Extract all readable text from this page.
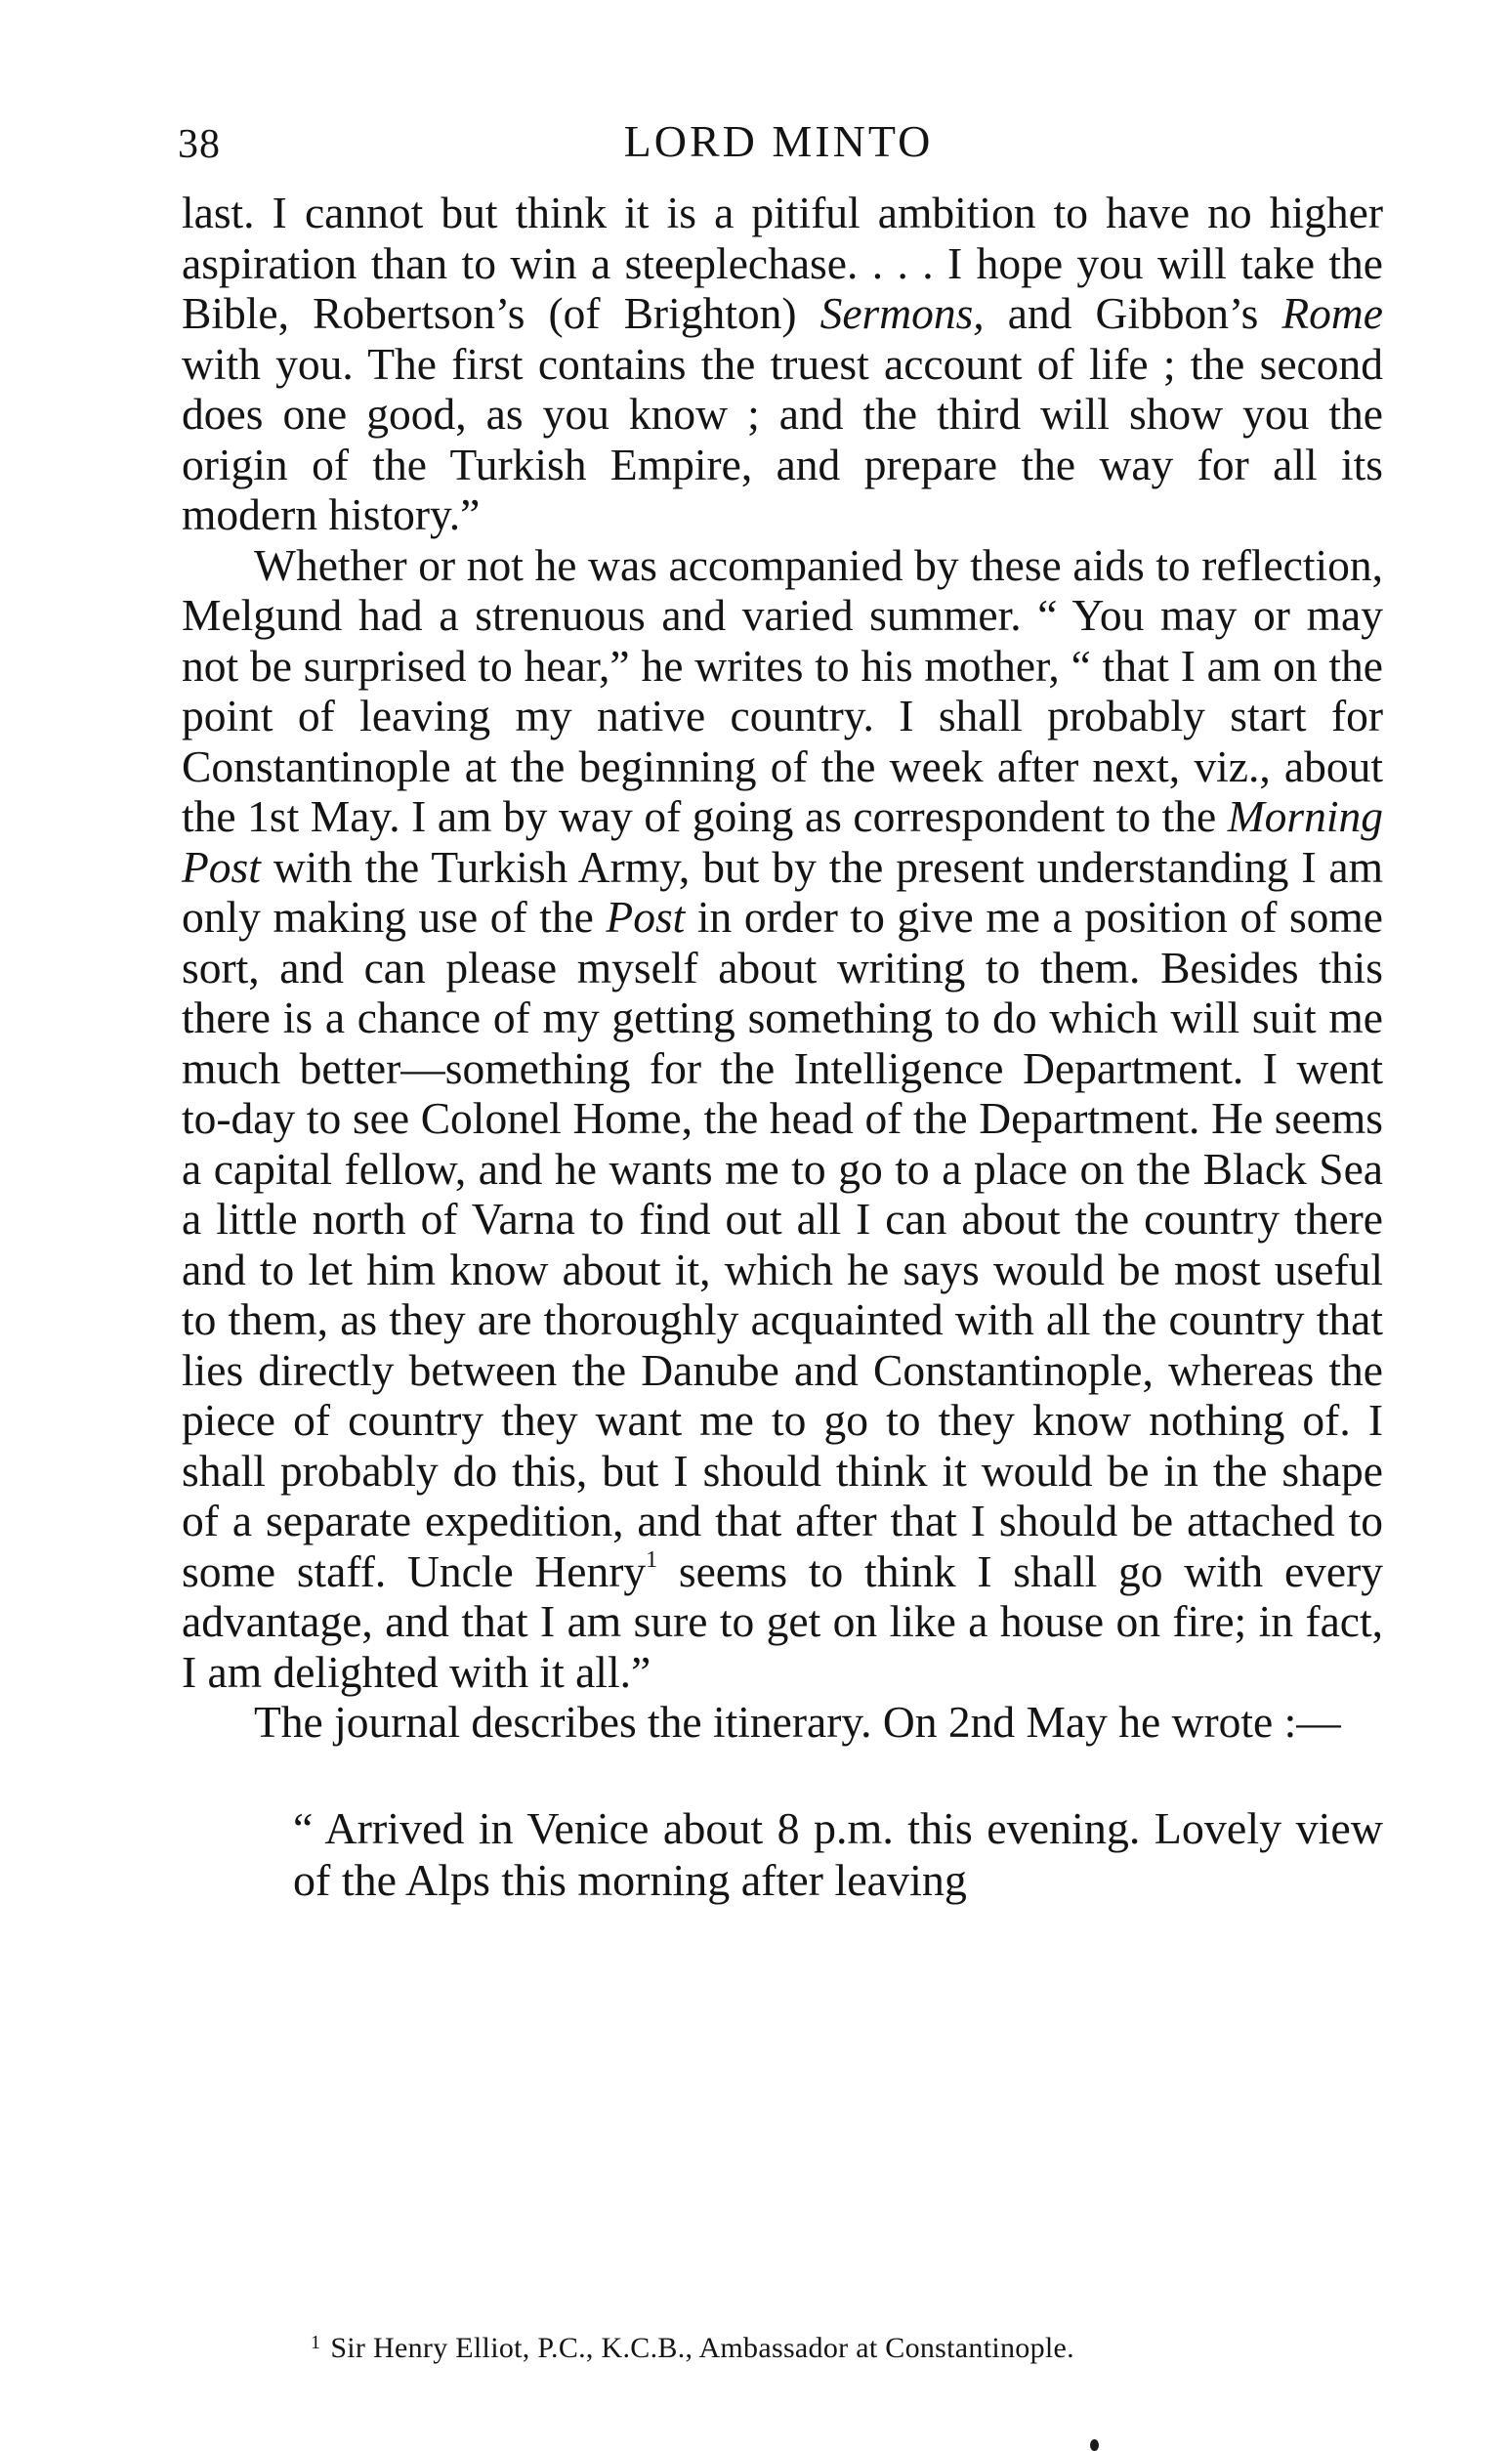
38	LORD MINTO

last. I cannot but think it is a pitiful ambition to have no higher aspiration than to win a steeplechase. . . . I hope you will take the Bible, Robertson’s (of Brighton) Sermons, and Gibbon’s Rome with you. The first contains the truest account of life ; the second does one good, as you know ; and the third will show you the origin of the Turkish Empire, and prepare the way for all its modern history.”

Whether or not he was accompanied by these aids to reflection, Melgund had a strenuous and varied summer. “ You may or may not be surprised to hear,” he writes to his mother, “ that I am on the point of leaving my native country. I shall probably start for Constantinople at the beginning of the week after next, viz., about the 1st May. I am by way of going as correspondent to the Morning Post with the Turkish Army, but by the present understanding I am only making use of the Post in order to give me a position of some sort, and can please myself about writing to them. Besides this there is a chance of my getting something to do which will suit me much better—something for the Intelligence Department. I went to-day to see Colonel Home, the head of the Department. He seems a capital fellow, and he wants me to go to a place on the Black Sea a little north of Varna to find out all I can about the country there and to let him know about it, which he says would be most useful to them, as they are thoroughly acquainted with all the country that lies directly between the Danube and Constantinople, whereas the piece of country they want me to go to they know nothing of. I shall probably do this, but I should think it would be in the shape of a separate expedition, and that after that I should be attached to some staff. Uncle Henry$^1$ seems to think I shall go with every advantage, and that I am sure to get on like a house on fire; in fact, I am delighted with it all.”

The journal describes the itinerary. On 2nd May he wrote :—

“ Arrived in Venice about 8 p.m. this evening. Lovely view of the Alps this morning after leaving

$^1$ Sir Henry Elliot, P.C., K.C.B., Ambassador at Constantinople.
